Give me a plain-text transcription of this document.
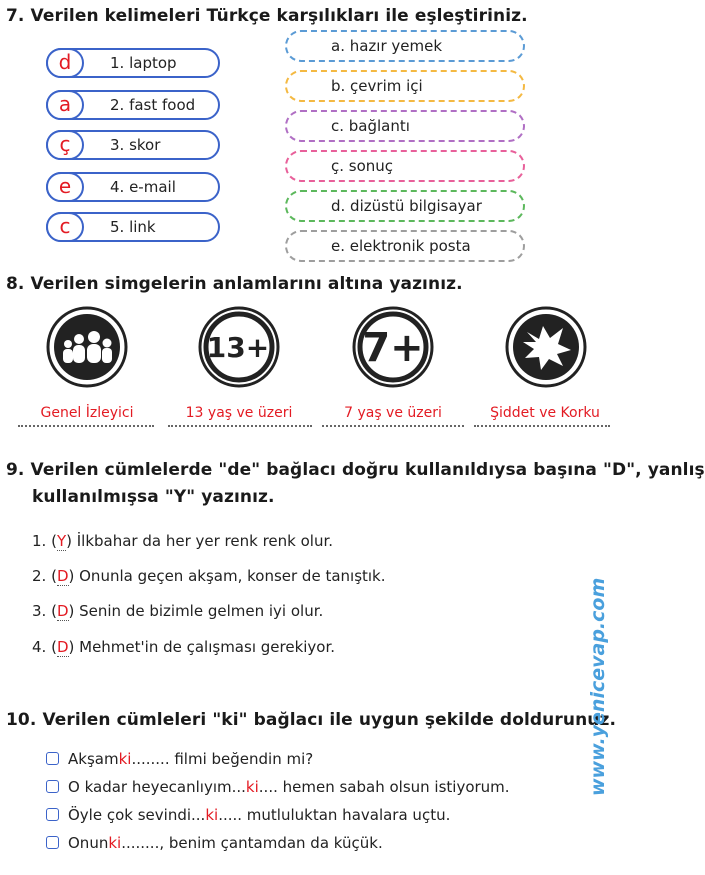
7. Verilen kelimeleri Türkçe karşılıkları ile eşleştiriniz.
d	1. laptop
a	2. fast food
ç	3. skor
e	4. e-mail
c	5. link
a. hazır yemek
b. çevrim içi
c. bağlantı
ç. sonuç
d. dizüstü bilgisayar
e. elektronik posta
8. Verilen simgelerin anlamlarını altına yazınız.
13+ 7+
Genel İzleyici	13 yaş ve üzeri	7 yaş ve üzeri	Şiddet ve Korku
9. Verilen cümlelerde "de" bağlacı doğru kullanıldıysa başına "D", yanlış
kullanılmışsa "Y" yazınız.
1. (Y) İlkbahar da her yer renk renk olur.
2. (D) Onunla geçen akşam, konser de tanıştık.
3. (D) Senin de bizimle gelmen iyi olur.
4. (D) Mehmet'in de çalışması gerekiyor.
10. Verilen cümleleri "ki" bağlacı ile uygun şekilde doldurunuz.
Akşamki........ filmi beğendin mi?
O kadar heyecanlıyım...ki.... hemen sabah olsun istiyorum.
Öyle çok sevindi...ki..... mutluluktan havalara uçtu.
Onunki........, benim çantamdan da küçük.
www.yenicevap.com
